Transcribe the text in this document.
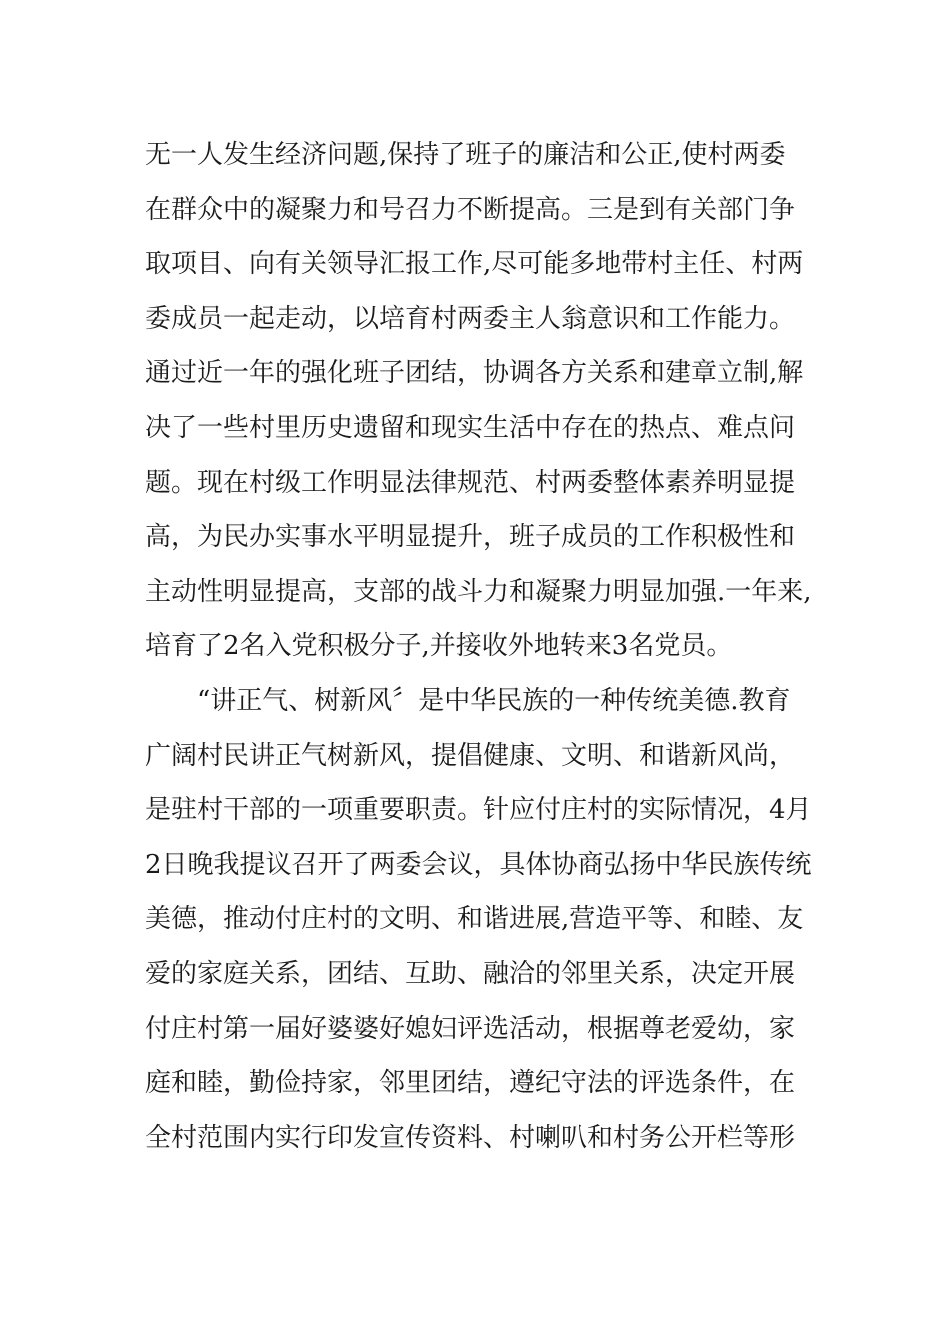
无一人发生经济问题,保持了班子的廉洁和公正,使村两委
在群众中的凝聚力和号召力不断提高。三是到有关部门争
取项目、向有关领导汇报工作,尽可能多地带村主任、村两
委成员一起走动，以培育村两委主人翁意识和工作能力。
通过近一年的强化班子团结，协调各方关系和建章立制,解
决了一些村里历史遗留和现实生活中存在的热点、难点问
题。现在村级工作明显法律规范、村两委整体素养明显提
高，为民办实事水平明显提升，班子成员的工作积极性和
主动性明显提高，支部的战斗力和凝聚力明显加强.一年来,
培育了2名入党积极分子,并接收外地转来3名党员。
“讲正气、树新风〞是中华民族的一种传统美德.教育
广阔村民讲正气树新风，提倡健康、文明、和谐新风尚，
是驻村干部的一项重要职责。针应付庄村的实际情况，4月
2日晚我提议召开了两委会议，具体协商弘扬中华民族传统
美德，推动付庄村的文明、和谐进展,营造平等、和睦、友
爱的家庭关系，团结、互助、融洽的邻里关系，决定开展
付庄村第一届好婆婆好媳妇评选活动，根据尊老爱幼，家
庭和睦，勤俭持家，邻里团结，遵纪守法的评选条件，在
全村范围内实行印发宣传资料、村喇叭和村务公开栏等形
